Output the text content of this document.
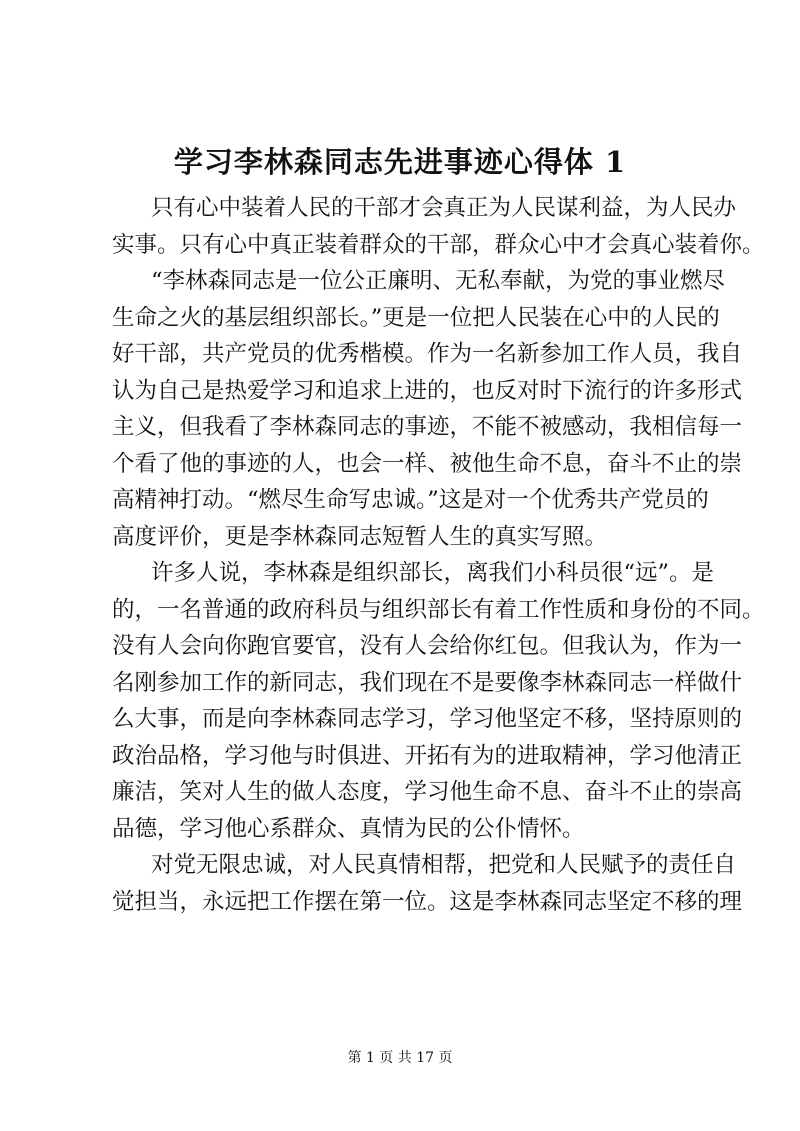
学习李林森同志先进事迹心得体 1
只有心中装着人民的干部才会真正为人民谋利益，为人民办
实事。只有心中真正装着群众的干部，群众心中才会真心装着你。
“李林森同志是一位公正廉明、无私奉献，为党的事业燃尽
生命之火的基层组织部长。”更是一位把人民装在心中的人民的
好干部，共产党员的优秀楷模。作为一名新参加工作人员，我自
认为自己是热爱学习和追求上进的，也反对时下流行的许多形式
主义，但我看了李林森同志的事迹，不能不被感动，我相信每一
个看了他的事迹的人，也会一样、被他生命不息，奋斗不止的崇
高精神打动。“燃尽生命写忠诚。”这是对一个优秀共产党员的
高度评价，更是李林森同志短暂人生的真实写照。
许多人说，李林森是组织部长，离我们小科员很“远”。是
的，一名普通的政府科员与组织部长有着工作性质和身份的不同。
没有人会向你跑官要官，没有人会给你红包。但我认为，作为一
名刚参加工作的新同志，我们现在不是要像李林森同志一样做什
么大事，而是向李林森同志学习，学习他坚定不移，坚持原则的
政治品格，学习他与时俱进、开拓有为的进取精神，学习他清正
廉洁，笑对人生的做人态度，学习他生命不息、奋斗不止的崇高
品德，学习他心系群众、真情为民的公仆情怀。
对党无限忠诚，对人民真情相帮，把党和人民赋予的责任自
觉担当，永远把工作摆在第一位。这是李林森同志坚定不移的理
第 1 页 共 17 页
